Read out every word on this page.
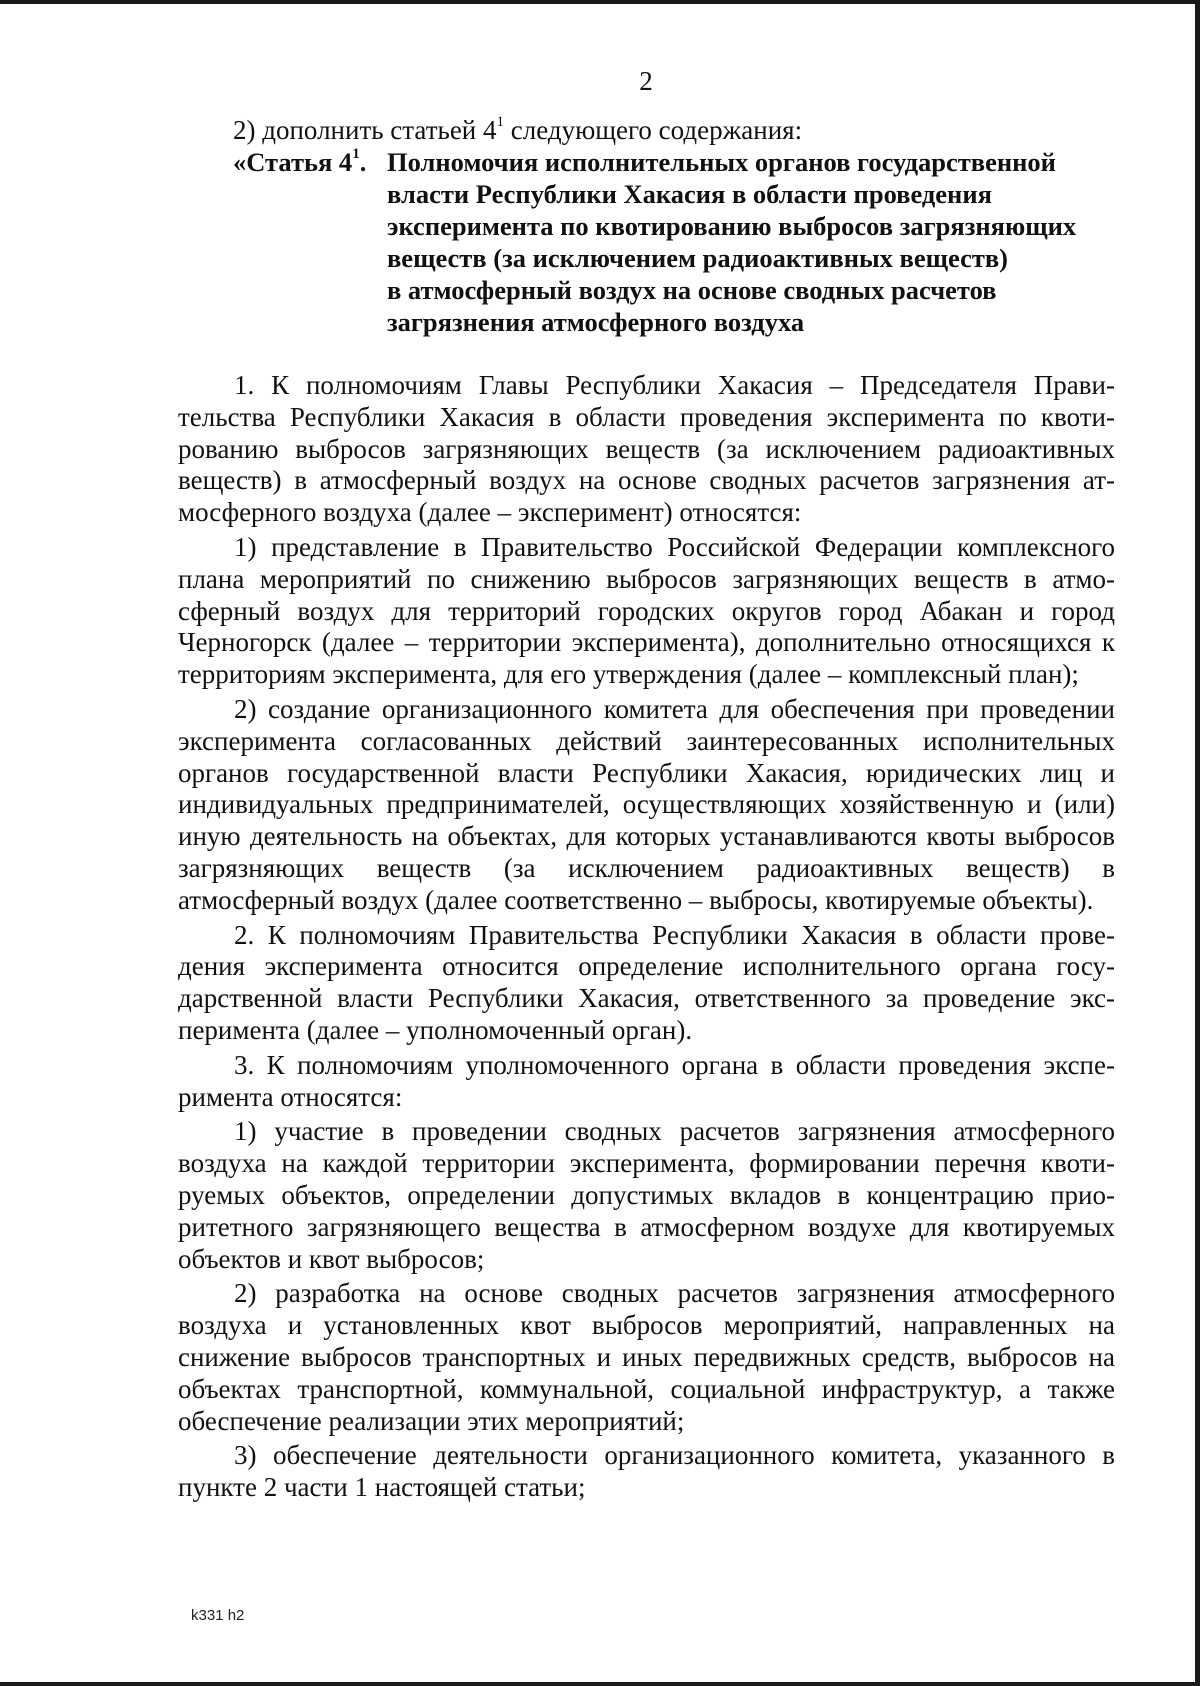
2
2) дополнить статьей $4^1$ следующего содержания:
«Статья $4^1$. Полномочия исполнительных органов государственной
власти Республики Хакасия в области проведения
эксперимента по квотированию выбросов загрязняющих
веществ (за исключением радиоактивных веществ)
в атмосферный воздух на основе сводных расчетов
загрязнения атмосферного воздуха

1. К полномочиям Главы Республики Хакасия – Председателя Правительства Республики Хакасия в области проведения эксперимента по квотированию выбросов загрязняющих веществ (за исключением радиоактивных веществ) в атмосферный воздух на основе сводных расчетов загрязнения атмосферного воздуха (далее – эксперимент) относятся:

1) представление в Правительство Российской Федерации комплексного плана мероприятий по снижению выбросов загрязняющих веществ в атмосферный воздух для территорий городских округов город Абакан и город Черногорск (далее – территории эксперимента), дополнительно относящихся к территориям эксперимента, для его утверждения (далее – комплексный план);

2) создание организационного комитета для обеспечения при проведении эксперимента согласованных действий заинтересованных исполнительных органов государственной власти Республики Хакасия, юридических лиц и индивидуальных предпринимателей, осуществляющих хозяйственную и (или) иную деятельность на объектах, для которых устанавливаются квоты выбросов загрязняющих веществ (за исключением радиоактивных веществ) в атмосферный воздух (далее соответственно – выбросы, квотируемые объекты).

2. К полномочиям Правительства Республики Хакасия в области проведения эксперимента относится определение исполнительного органа государственной власти Республики Хакасия, ответственного за проведение эксперимента (далее – уполномоченный орган).

3. К полномочиям уполномоченного органа в области проведения эксперимента относятся:

1) участие в проведении сводных расчетов загрязнения атмосферного воздуха на каждой территории эксперимента, формировании перечня квотируемых объектов, определении допустимых вкладов в концентрацию приоритетного загрязняющего вещества в атмосферном воздухе для квотируемых объектов и квот выбросов;

2) разработка на основе сводных расчетов загрязнения атмосферного воздуха и установленных квот выбросов мероприятий, направленных на снижение выбросов транспортных и иных передвижных средств, выбросов на объектах транспортной, коммунальной, социальной инфраструктур, а также обеспечение реализации этих мероприятий;

3) обеспечение деятельности организационного комитета, указанного в пункте 2 части 1 настоящей статьи;

k331 h2
